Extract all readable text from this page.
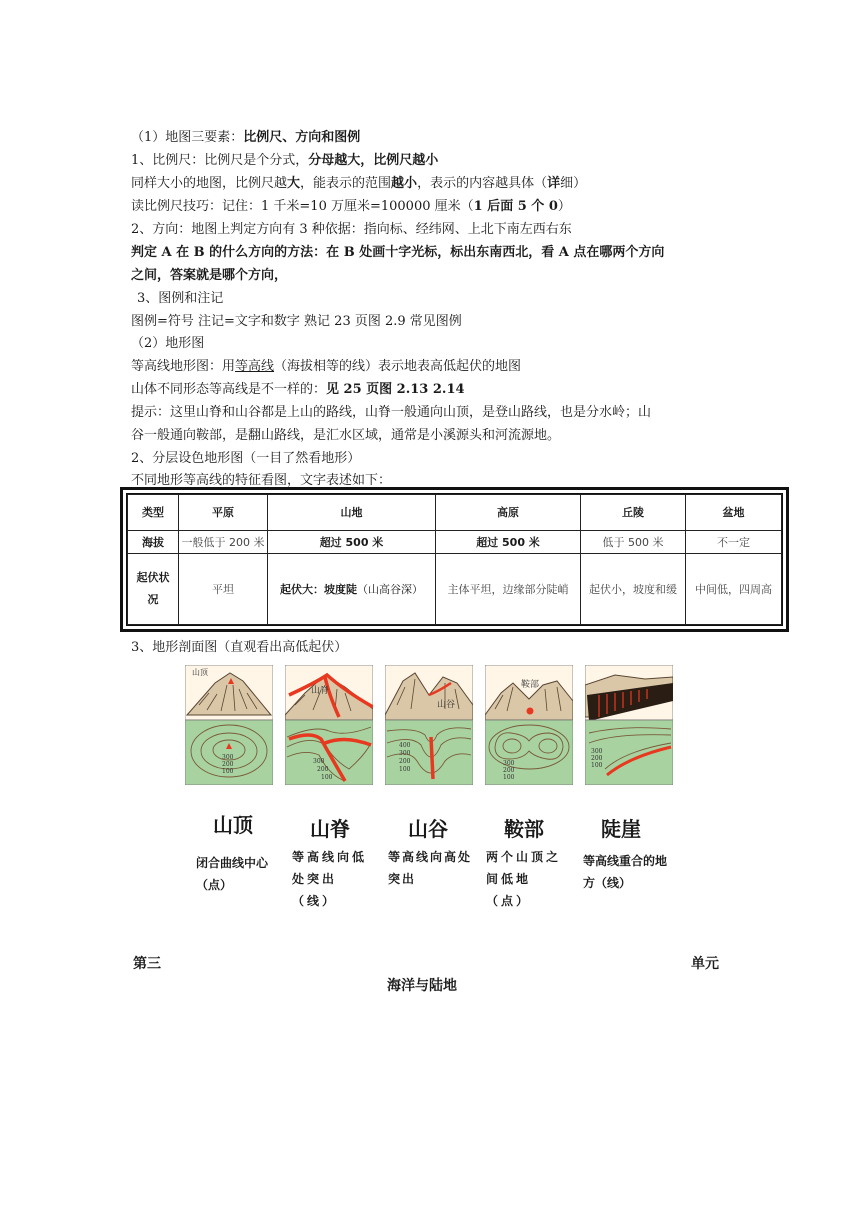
（1）地图三要素：比例尺、方向和图例
1、比例尺：比例尺是个分式，分母越大，比例尺越小
同样大小的地图，比例尺越大，能表示的范围越小，表示的内容越具体（详细）
读比例尺技巧：记住：1 千米=10 万厘米=100000 厘米（1 后面 5 个 0）
2、方向：地图上判定方向有 3 种依据：指向标、经纬网、上北下南左西右东
判定 A 在 B 的什么方向的方法：在 B 处画十字光标，标出东南西北，看 A 点在哪两个方向
之间，答案就是哪个方向，
3、图例和注记
图例=符号 注记=文字和数字 熟记 23 页图 2.9 常见图例
（2）地形图
等高线地形图：用等高线（海拔相等的线）表示地表高低起伏的地图
山体不同形态等高线是不一样的：见 25 页图 2.13 2.14
提示：这里山脊和山谷都是上山的路线，山脊一般通向山顶，是登山路线，也是分水岭；山
谷一般通向鞍部，是翻山路线，是汇水区域，通常是小溪源头和河流源地。
2、分层设色地形图（一目了然看地形）
不同地形等高线的特征看图，文字表述如下：
类型	平原	山地	高原	丘陵	盆地
海拔	一般低于 200 米	超过 500 米	超过 500 米	低于 500 米	不一定
起伏状况	平坦	起伏大：坡度陡（山高谷深）	主体平坦，边缘部分陡峭	起伏小，坡度和缓	中间低，四周高
3、地形剖面图（直观看出高低起伏）
山顶
300
200
100
山脊
300
200
100
山谷
400
300
200
100
鞍部
300
200
100
300
200
100
山顶	山脊	山谷	鞍部	陡崖
闭合曲线中心（点）
等高线向低处突出（线）
等高线向高处突出
两个山顶之间低地（点）
等高线重合的地方（线）
第三	单元
海洋与陆地
